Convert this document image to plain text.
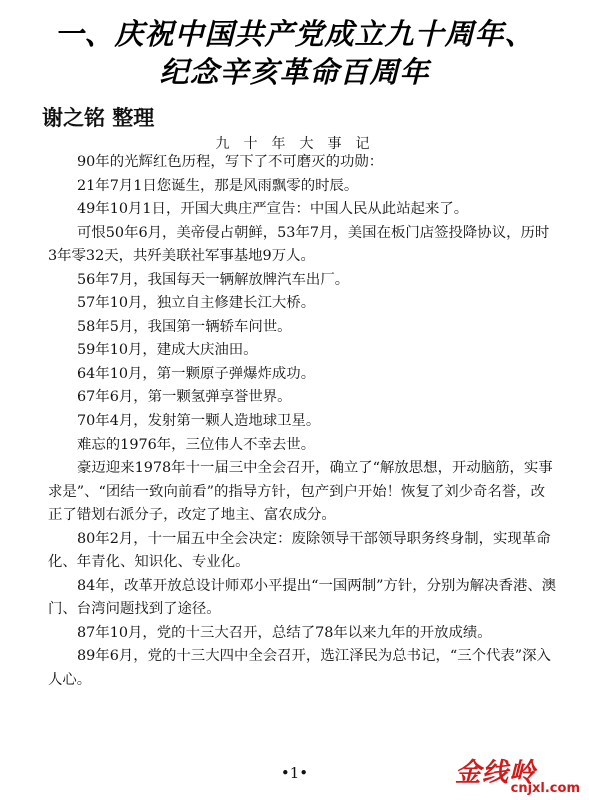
一、庆祝中国共产党成立九十周年、
纪念辛亥革命百周年
谢之铭 整理
九十年大事记

90年的光辉红色历程，写下了不可磨灭的功勋：

21年7月1日您诞生，那是风雨飘零的时辰。

49年10月1日，开国大典庄严宣告：中国人民从此站起来了。

可恨50年6月，美帝侵占朝鲜，53年7月，美国在板门店签投降协议，历时3年零32天，共歼美联社军事基地9万人。

56年7月，我国每天一辆解放牌汽车出厂。

57年10月，独立自主修建长江大桥。

58年5月，我国第一辆轿车问世。

59年10月，建成大庆油田。

64年10月，第一颗原子弹爆炸成功。

67年6月，第一颗氢弹享誉世界。

70年4月，发射第一颗人造地球卫星。

难忘的1976年，三位伟人不幸去世。

豪迈迎来1978年十一届三中全会召开，确立了“解放思想，开动脑筋，实事求是”、“团结一致向前看”的指导方针，包产到户开始！恢复了刘少奇名誉，改正了错划右派分子，改定了地主、富农成分。

80年2月，十一届五中全会决定：废除领导干部领导职务终身制，实现革命化、年青化、知识化、专业化。

84年，改革开放总设计师邓小平提出“一国两制”方针，分别为解决香港、澳门、台湾问题找到了途径。

87年10月，党的十三大召开，总结了78年以来九年的开放成绩。

89年6月，党的十三大四中全会召开，选江泽民为总书记，“三个代表”深入人心。

•1•	金线岭
cnjxl.com
